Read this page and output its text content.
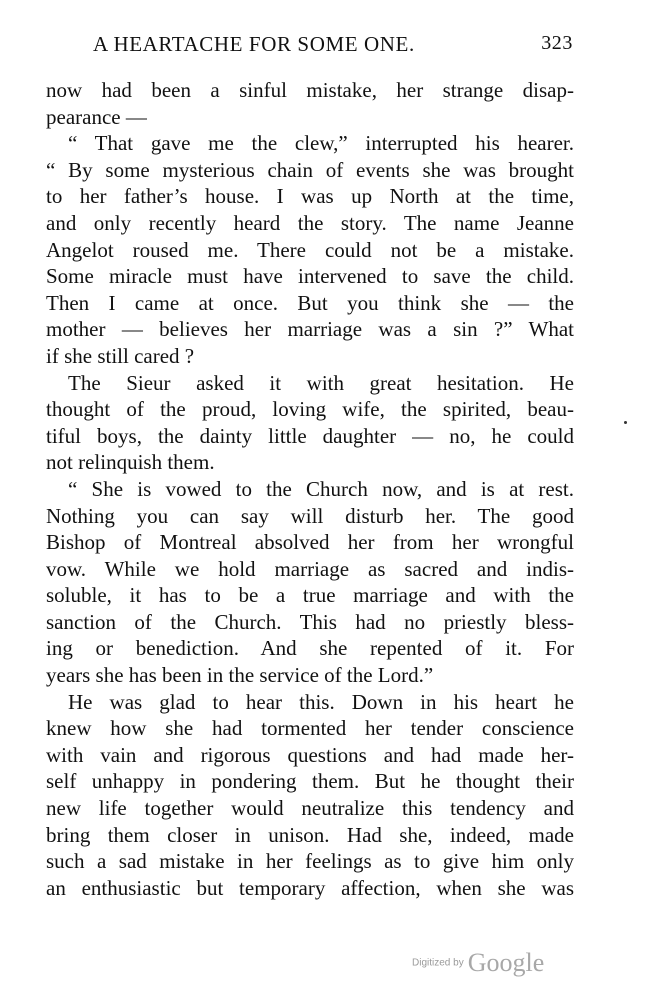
A HEARTACHE FOR SOME ONE.	323
now had been a sinful mistake, her strange disap-
pearance —
“ That gave me the clew,” interrupted his hearer.
“ By some mysterious chain of events she was brought
to her father’s house. I was up North at the time,
and only recently heard the story. The name Jeanne
Angelot roused me. There could not be a mistake.
Some miracle must have intervened to save the child.
Then I came at once. But you think she — the
mother — believes her marriage was a sin ?” What
if she still cared ?
The Sieur asked it with great hesitation. He
thought of the proud, loving wife, the spirited, beau-
tiful boys, the dainty little daughter — no, he could
not relinquish them.
“ She is vowed to the Church now, and is at rest.
Nothing you can say will disturb her. The good
Bishop of Montreal absolved her from her wrongful
vow. While we hold marriage as sacred and indis-
soluble, it has to be a true marriage and with the
sanction of the Church. This had no priestly bless-
ing or benediction. And she repented of it. For
years she has been in the service of the Lord.”
He was glad to hear this. Down in his heart he
knew how she had tormented her tender conscience
with vain and rigorous questions and had made her-
self unhappy in pondering them. But he thought their
new life together would neutralize this tendency and
bring them closer in unison. Had she, indeed, made
such a sad mistake in her feelings as to give him only
an enthusiastic but temporary affection, when she was
Digitized by Google
